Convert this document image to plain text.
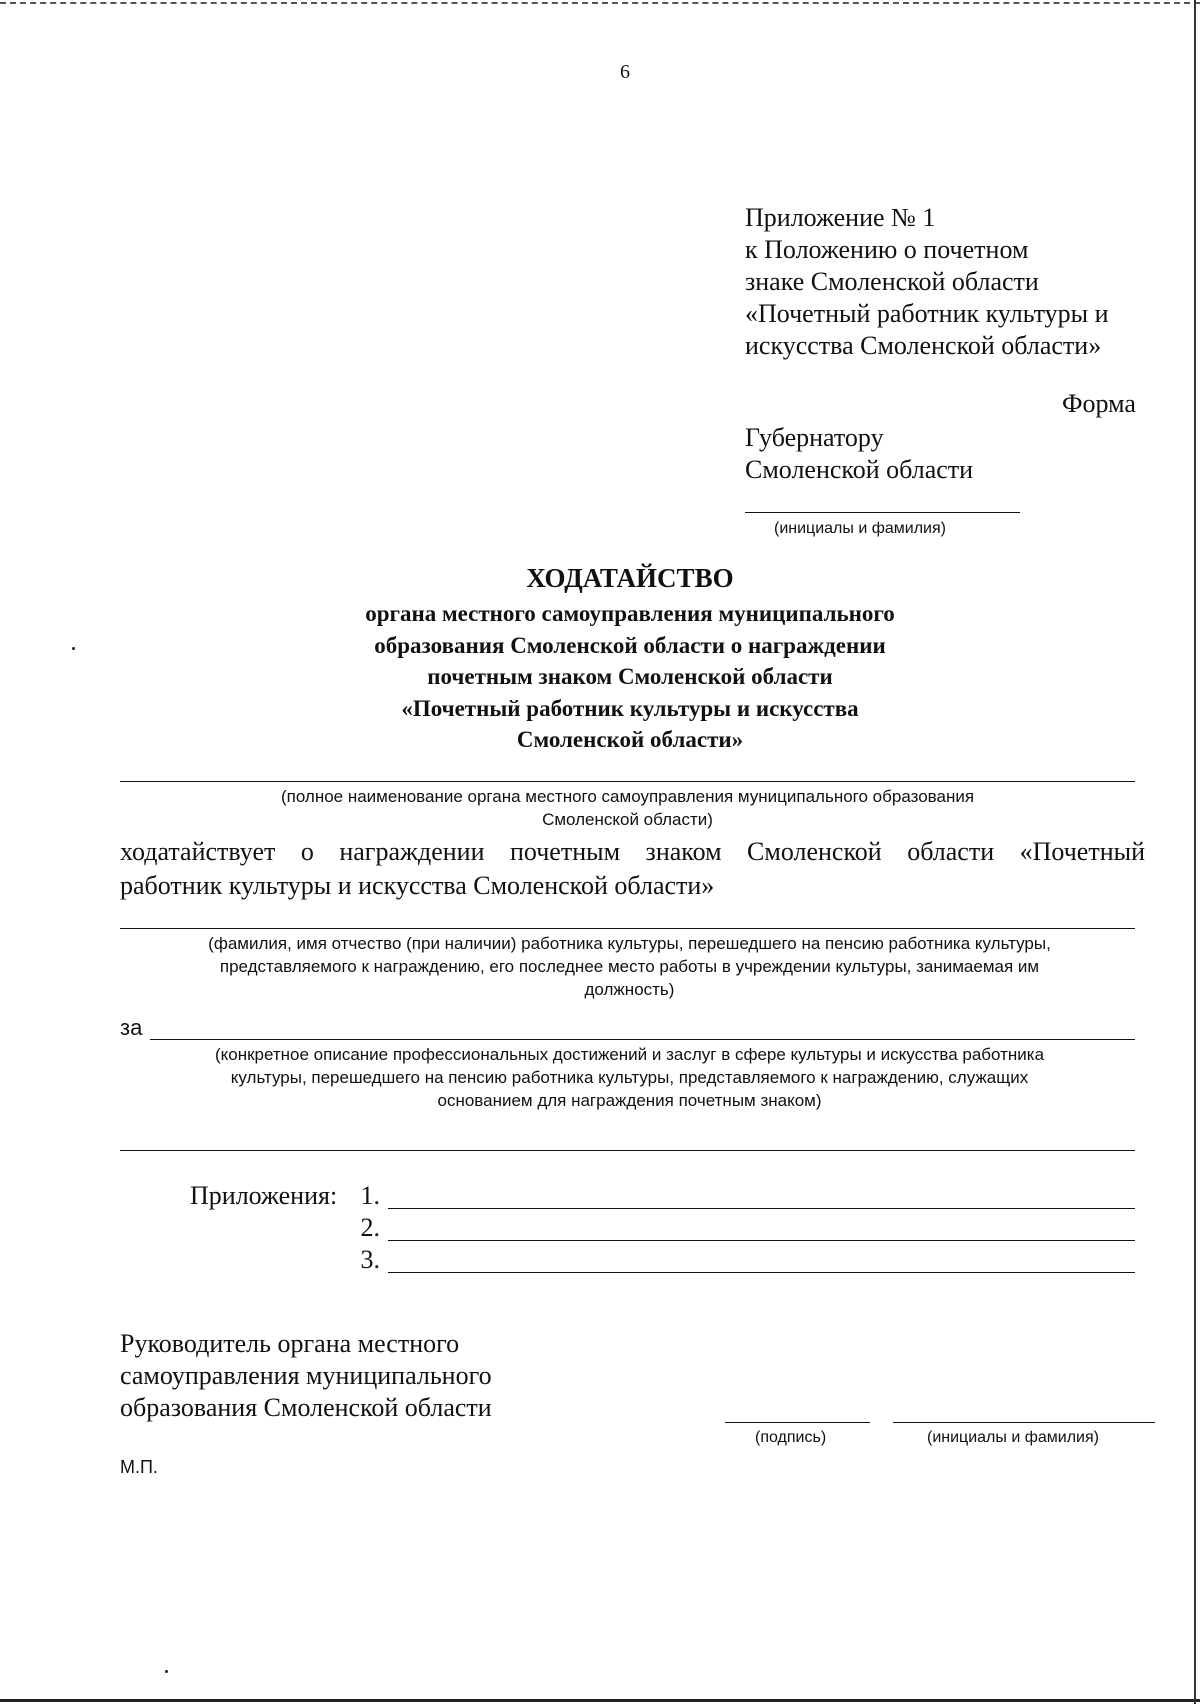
6
Приложение № 1
к Положению о почетном
знаке Смоленской области
«Почетный работник культуры и
искусства Смоленской области»
Форма
Губернатору
Смоленской области
(инициалы и фамилия)
ХОДАТАЙСТВО
органа местного самоуправления муниципального
образования Смоленской области о награждении
почетным знаком Смоленской области
«Почетный работник культуры и искусства
Смоленской области»
(полное наименование органа местного самоуправления муниципального образования
Смоленской области)
ходатайствует о награждении почетным знаком Смоленской области «Почетный
работник культуры и искусства Смоленской области»
(фамилия, имя отчество (при наличии) работника культуры, перешедшего на пенсию работника культуры,
представляемого к награждению, его последнее место работы в учреждении культуры, занимаемая им
должность)
за
(конкретное описание профессиональных достижений и заслуг в сфере культуры и искусства работника
культуры, перешедшего на пенсию работника культуры, представляемого к награждению, служащих
основанием для награждения почетным знаком)
Приложения: 1.
2.
3.
Руководитель органа местного
самоуправления муниципального
образования Смоленской области
(подпись)	(инициалы и фамилия)
М.П.
